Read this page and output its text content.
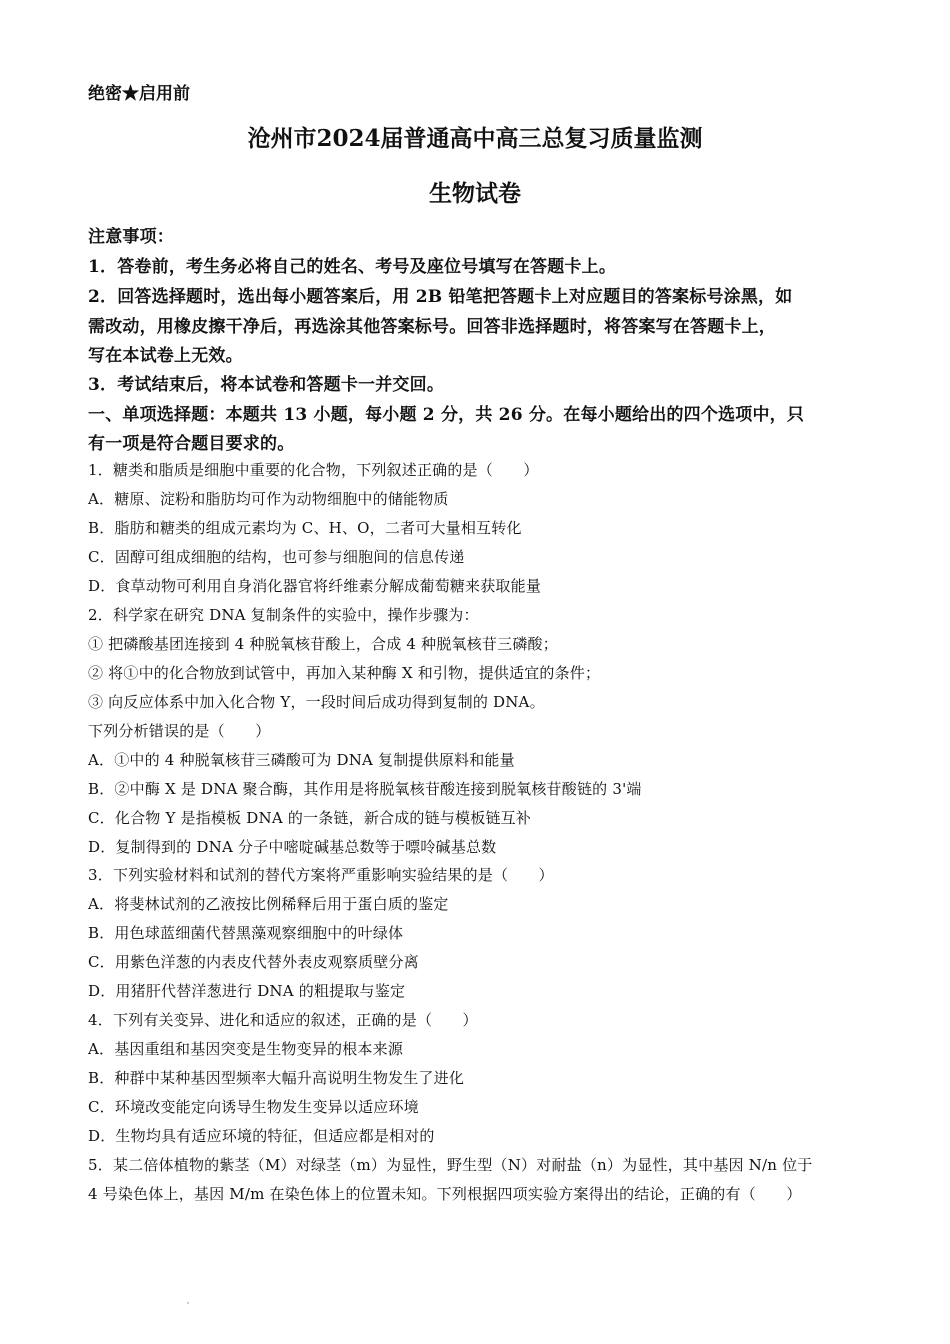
绝密★启用前
沧州市2024届普通高中高三总复习质量监测
生物试卷
注意事项：
1．答卷前，考生务必将自己的姓名、考号及座位号填写在答题卡上。
2．回答选择题时，选出每小题答案后，用 2B 铅笔把答题卡上对应题目的答案标号涂黑，如
需改动，用橡皮擦干净后，再选涂其他答案标号。回答非选择题时，将答案写在答题卡上，
写在本试卷上无效。
3．考试结束后，将本试卷和答题卡一并交回。
一、单项选择题：本题共 13 小题，每小题 2 分，共 26 分。在每小题给出的四个选项中，只
有一项是符合题目要求的。
1．糖类和脂质是细胞中重要的化合物，下列叙述正确的是（　　）
A．糖原、淀粉和脂肪均可作为动物细胞中的储能物质
B．脂肪和糖类的组成元素均为 C、H、O，二者可大量相互转化
C．固醇可组成细胞的结构，也可参与细胞间的信息传递
D．食草动物可利用自身消化器官将纤维素分解成葡萄糖来获取能量
2．科学家在研究 DNA 复制条件的实验中，操作步骤为：
① 把磷酸基团连接到 4 种脱氧核苷酸上，合成 4 种脱氧核苷三磷酸；
② 将①中的化合物放到试管中，再加入某种酶 X 和引物，提供适宜的条件；
③ 向反应体系中加入化合物 Y，一段时间后成功得到复制的 DNA。
下列分析错误的是（　　）
A．①中的 4 种脱氧核苷三磷酸可为 DNA 复制提供原料和能量
B．②中酶 X 是 DNA 聚合酶，其作用是将脱氧核苷酸连接到脱氧核苷酸链的 3'端
C．化合物 Y 是指模板 DNA 的一条链，新合成的链与模板链互补
D．复制得到的 DNA 分子中嘧啶碱基总数等于嘌呤碱基总数
3．下列实验材料和试剂的替代方案将严重影响实验结果的是（　　）
A．将斐林试剂的乙液按比例稀释后用于蛋白质的鉴定
B．用色球蓝细菌代替黑藻观察细胞中的叶绿体
C．用紫色洋葱的内表皮代替外表皮观察质壁分离
D．用猪肝代替洋葱进行 DNA 的粗提取与鉴定
4．下列有关变异、进化和适应的叙述，正确的是（　　）
A．基因重组和基因突变是生物变异的根本来源
B．种群中某种基因型频率大幅升高说明生物发生了进化
C．环境改变能定向诱导生物发生变异以适应环境
D．生物均具有适应环境的特征，但适应都是相对的
5．某二倍体植物的紫茎（M）对绿茎（m）为显性，野生型（N）对耐盐（n）为显性，其中基因 N/n 位于
4 号染色体上，基因 M/m 在染色体上的位置未知。下列根据四项实验方案得出的结论，正确的有（　　）
